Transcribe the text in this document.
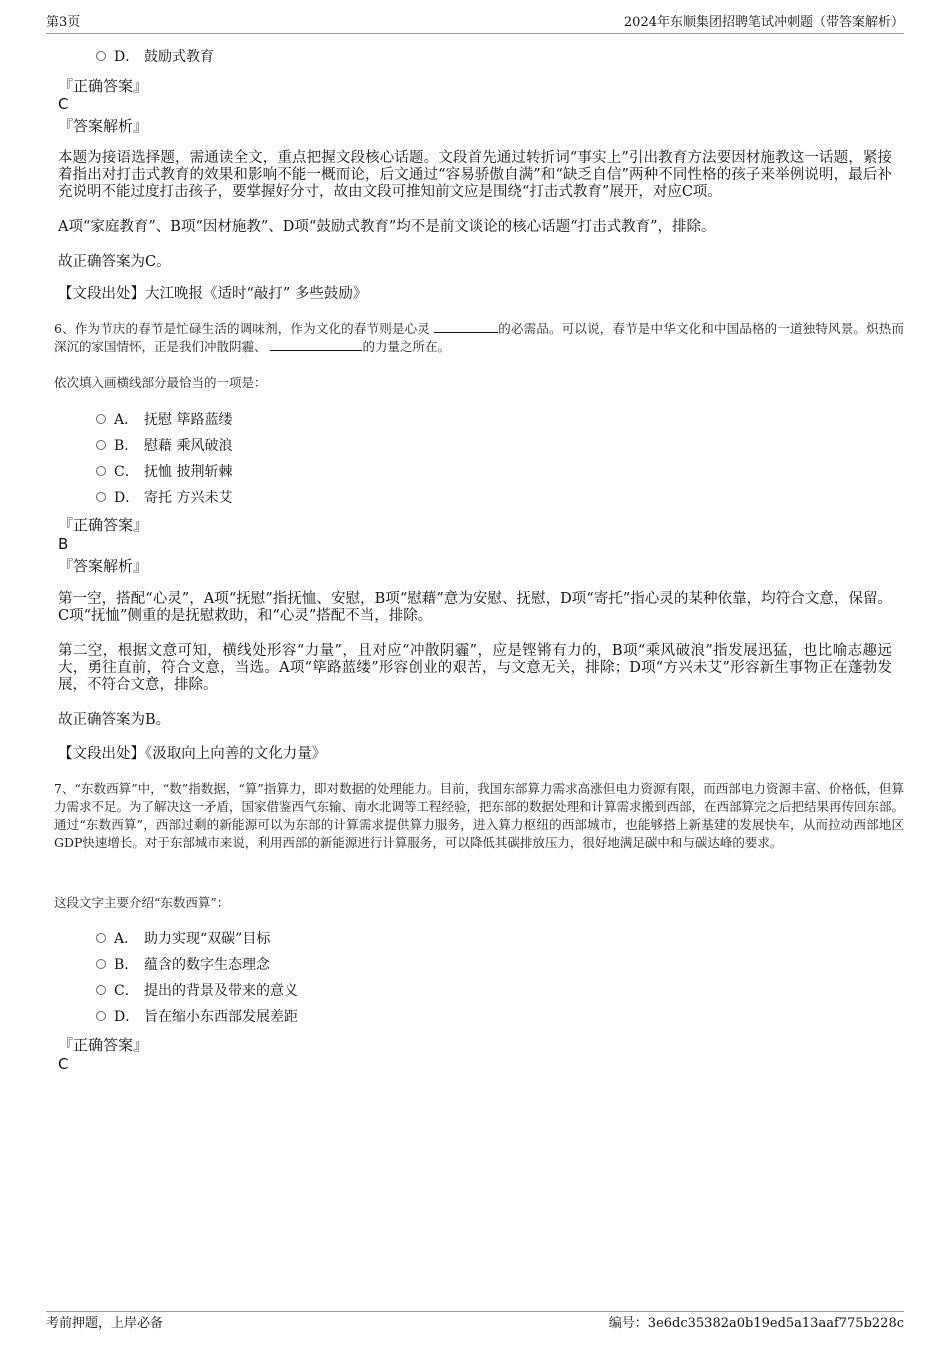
第3页	2024年东顺集团招聘笔试冲刺题（带答案解析）
D． 鼓励式教育
『正确答案』
C
『答案解析』
本题为接语选择题，需通读全文，重点把握文段核心话题。文段首先通过转折词“事实上”引出教育方法要因材施教这一话题，紧接着指出对打击式教育的效果和影响不能一概而论，后文通过“容易骄傲自满”和“缺乏自信”两种不同性格的孩子来举例说明，最后补充说明不能过度打击孩子，要掌握好分寸，故由文段可推知前文应是围绕“打击式教育”展开，对应C项。
A项“家庭教育”、B项“因材施教”、D项“鼓励式教育”均不是前文谈论的核心话题“打击式教育”，排除。
故正确答案为C。
【文段出处】大江晚报《适时“敲打” 多些鼓励》
6、作为节庆的春节是忙碌生活的调味剂，作为文化的春节则是心灵	的必需品。可以说，春节是中华文化和中国品格的一道独特风景。炽热而深沉的家国情怀，正是我们冲散阴霾、	的力量之所在。
依次填入画横线部分最恰当的一项是：
A． 抚慰 筚路蓝缕
B． 慰藉 乘风破浪
C． 抚恤 披荆斩棘
D． 寄托 方兴未艾
『正确答案』
B
『答案解析』
第一空，搭配“心灵”，A项“抚慰”指抚恤、安慰，B项“慰藉”意为安慰、抚慰，D项“寄托”指心灵的某种依靠，均符合文意，保留。C项“抚恤”侧重的是抚慰救助，和“心灵”搭配不当，排除。
第二空，根据文意可知，横线处形容“力量”，且对应“冲散阴霾”，应是铿锵有力的，B项“乘风破浪”指发展迅猛，也比喻志趣远大，勇往直前，符合文意，当选。A项“筚路蓝缕”形容创业的艰苦，与文意无关，排除；D项“方兴未艾”形容新生事物正在蓬勃发展，不符合文意，排除。
故正确答案为B。
【文段出处】《汲取向上向善的文化力量》
7、“东数西算”中，“数”指数据，“算”指算力，即对数据的处理能力。目前，我国东部算力需求高涨但电力资源有限，而西部电力资源丰富、价格低，但算力需求不足。为了解决这一矛盾，国家借鉴西气东输、南水北调等工程经验，把东部的数据处理和计算需求搬到西部，在西部算完之后把结果再传回东部。通过“东数西算”，西部过剩的新能源可以为东部的计算需求提供算力服务，进入算力枢纽的西部城市，也能够搭上新基建的发展快车，从而拉动西部地区GDP快速增长。对于东部城市来说，利用西部的新能源进行计算服务，可以降低其碳排放压力，很好地满足碳中和与碳达峰的要求。
这段文字主要介绍“东数西算”：
A． 助力实现“双碳”目标
B． 蕴含的数字生态理念
C． 提出的背景及带来的意义
D． 旨在缩小东西部发展差距
『正确答案』
C
考前押题，上岸必备	编号：3e6dc35382a0b19ed5a13aaf775b228c
